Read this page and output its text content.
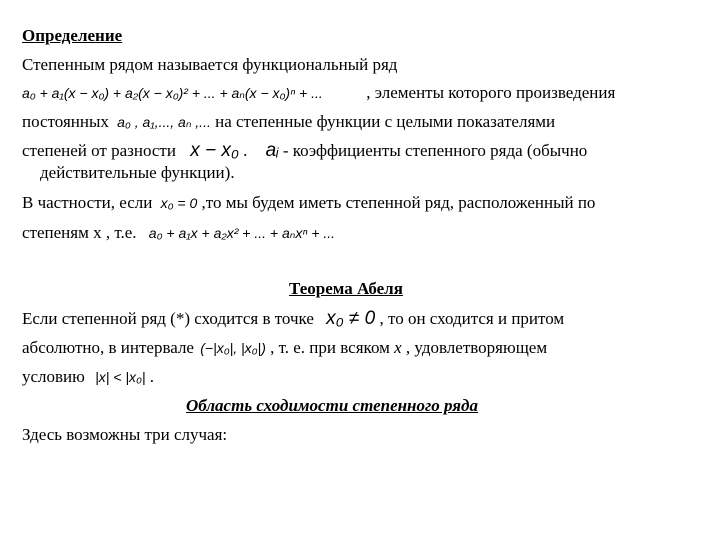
Определение
Степенным рядом называется функциональный ряд
a₀ + a₁(x − x₀) + a₂(x − x₀)² + ... + aₙ(x − x₀)ⁿ + ...	, элементы которого произведения
постоянных a₀ , a₁,..., aₙ ,... на степенные функции с целыми показателями
степеней от разности x − x₀ . aᵢ - коэффициенты степенного ряда (обычно
действительные функции).
В частности, если x₀ = 0 ,то мы будем иметь степенной ряд, расположенный по
степеням x , т.е. a₀ + a₁x + a₂x² + ... + aₙxⁿ + ...
Теорема Абеля
Если степенной ряд (*) сходится в точке x₀ ≠ 0 , то он сходится и притом
абсолютно, в интервале (−|x₀|, |x₀|) , т. е. при всяком x , удовлетворяющем
условию |x| < |x₀| .
Область сходимости степенного ряда
Здесь возможны три случая:
